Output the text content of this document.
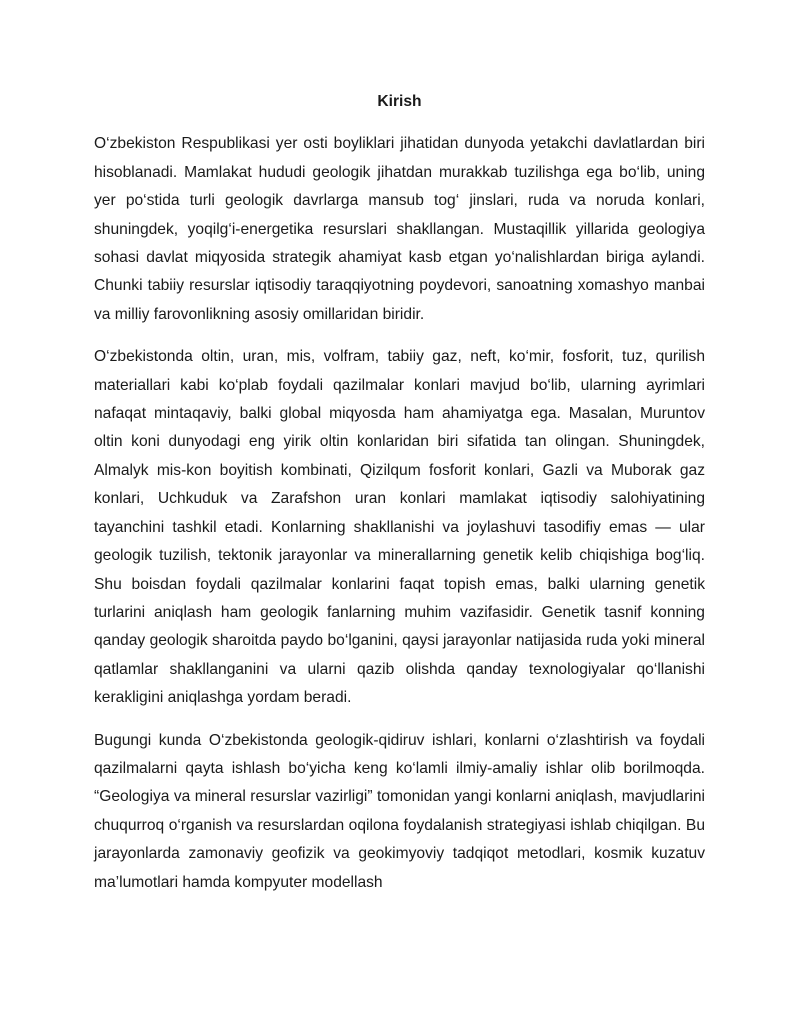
Kirish

O‘zbekiston Respublikasi yer osti boyliklari jihatidan dunyoda yetakchi davlatlardan biri hisoblanadi. Mamlakat hududi geologik jihatdan murakkab tuzilishga ega bo‘lib, uning yer po‘stida turli geologik davrlarga mansub tog‘ jinslari, ruda va noruda konlari, shuningdek, yoqilg‘i-energetika resurslari shakllangan. Mustaqillik yillarida geologiya sohasi davlat miqyosida strategik ahamiyat kasb etgan yo‘nalishlardan biriga aylandi. Chunki tabiiy resurslar iqtisodiy taraqqiyotning poydevori, sanoatning xomashyo manbai va milliy farovonlikning asosiy omillaridan biridir.

O‘zbekistonda oltin, uran, mis, volfram, tabiiy gaz, neft, ko‘mir, fosforit, tuz, qurilish materiallari kabi ko‘plab foydali qazilmalar konlari mavjud bo‘lib, ularning ayrimlari nafaqat mintaqaviy, balki global miqyosda ham ahamiyatga ega. Masalan, Muruntov oltin koni dunyodagi eng yirik oltin konlaridan biri sifatida tan olingan. Shuningdek, Almalyk mis-kon boyitish kombinati, Qizilqum fosforit konlari, Gazli va Muborak gaz konlari, Uchkuduk va Zarafshon uran konlari mamlakat iqtisodiy salohiyatining tayanchini tashkil etadi. Konlarning shakllanishi va joylashuvi tasodifiy emas — ular geologik tuzilish, tektonik jarayonlar va minerallarning genetik kelib chiqishiga bog‘liq. Shu boisdan foydali qazilmalar konlarini faqat topish emas, balki ularning genetik turlarini aniqlash ham geologik fanlarning muhim vazifasidir. Genetik tasnif konning qanday geologik sharoitda paydo bo‘lganini, qaysi jarayonlar natijasida ruda yoki mineral qatlamlar shakllanganini va ularni qazib olishda qanday texnologiyalar qo‘llanishi kerakligini aniqlashga yordam beradi.

Bugungi kunda O‘zbekistonda geologik-qidiruv ishlari, konlarni o‘zlashtirish va foydali qazilmalarni qayta ishlash bo‘yicha keng ko‘lamli ilmiy-amaliy ishlar olib borilmoqda. “Geologiya va mineral resurslar vazirligi” tomonidan yangi konlarni aniqlash, mavjudlarini chuqurroq o‘rganish va resurslardan oqilona foydalanish strategiyasi ishlab chiqilgan. Bu jarayonlarda zamonaviy geofizik va geokimyoviy tadqiqot metodlari, kosmik kuzatuv ma’lumotlari hamda kompyuter modellash
